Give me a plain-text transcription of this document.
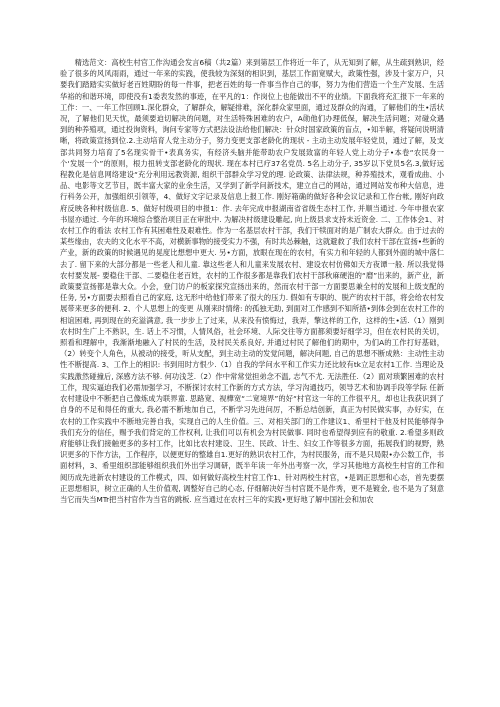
精选范文：高校生村官工作沟通会发言6稿（共2篇）来到第层工作将近一年了，从无知到了解，从生疏到熟识，经验了很多的风风雨雨，通过一年来的实践，使我较为深刻的相识到，基层工作面宽赋大，政策性强，涉及十家万户，只要我们踏踏实实做好老百姓期盼的每一件事，把老百姓的每一件事当作自己的事，努力为他们营造一个生产发展、生活华裕的和谐环境，即使没有1委表发然的事迹，在平凡的1：作岗位上也能做出不平的业绩。下面我将充汇报下一年来的工作：一、一年工作回顾1.深化群众，了解群众，解疑排难，深化群众家里面，通过及群众的沟通，了解他们的生•活状况，了解他们见天忧，最须要迫切解决的问题，对生活特殊困难的农户，A勋他们办理低保，解决生活问题；对碰众遇到的种养殖项，通过投询资料，询问专家等方式把法设法给他们解决：针众时国家政策的盲点，•知半解，将疑问说明清晰，将政策宣扬到位.2.主动培育人党主动分子，努力变更支部老龄化的现状 - 主动主动发展年轻党员，通过了解，及支部共同努力培育了5名现实骨干•表真务实，有经济头脑并能带助农户发展致富的年轻人党上动分子•本卷“农民身一个‘发展一个”的原则，根力扭转支部老龄化的现状. 现在本村已疗37名党员. 5名上动分子, 35岁以下党员5名.3,做好远程教化是信息网络建设“充分利用远教资源, 组织干部群众学习党的理. 论政策、法律法规，种养殖技术，观看成曲、小品、电影等文艺节目，既丰富大家的业余生活，又学到了新学问新技术，建立自己的网站，通过网站发布种大信息，进行科务公开，加强组织引领等，4、做好文字记录及信息上报工作. 刚好箱确的做好各种会议记录和工作台帐, 刚好向政府反映各种村级信息. 5、做好村级项目的申报1：作. 去年完成申报湖南省省级生态村工作, 并顺当通过. 今年申报农家书屋亦通过. 今年的环境综合整治项目正在审批中. 为解决村级建设雕起, 向上级县求支持未近资金. 二、工作体会1、对农村工作的看法 农村工作有其困难性及艰难性。作为一名基层农村干部，我们干犊面对的是广制农大群众。由于过去的某些缘由，农夫的文化水平不高，对横新事物的接受实力不强，有时共怂棘触，这就避救了我们农村干部在宣扬•些新的产业，新的政策的时候遇见的晃度比想想中更大. 另•方面，放眼在现在的农村，有实力和年轻的人都到外面的城中落仁去了. 留下来的大部分都是一些老人和儿童. 靠这些老人和儿童来发展农村、建设农村仿佛如天方夜谭一般. 所以我觉得农村要发展- 要稳住干部、二要稳住老百姓，农村的工作很多都是靠我们农村干部秋麻硬泡的“磨”出来的，新产业，新政策要宣扬都是靠大众。小会，登门访户的板家探究宣扬出来的，然而农村干部一方面要思兼全村的发展和上级支配的任务, 另•方面要去照看自己的家庭, 这无形中给他们带来了很大的压力. 假如有专职的、脱产的农村干部，将会给农村发展带来更多的便利. 2、个人思想上的变更 从刚来时情绪: 的孤独无助, 到面对工作感到不知所措•到体会到在农村工作的相谊困难, 再到现在的充溢满意, 我一步步上了过来，从来没有愤悔过，我弄，擎这样的工作，这样的生•活.（1）刚到农村时生广上不熟识，生. 话上不习惯，人情风俗，社会环境、人际交往等方面都须要好细学习，但在农村民的关切，照看和理解中，我渐渐地融入了村民的生活，及村民关系良好, 并通过村民了解他们的期中，为们A的工作打好基础，（2）转变个人角色，从被动的接受，听从支配，到主动主动的发觉问题，解决问题, 自己的思想不断成熟：主动性主动性不断提高. 3、工作上的相识: 书到用时方恨少.（1）自我的学问水平和工作实力还比较有tk立足农村1工作. 当理论及实践激然碰撞后, 深感方法不够. 何功浅芝.（2）作中常常觉担弟念不温, 志气不尤. 无法胜任.（2）面对琐繁困难的农村工作，现实逼迫我们必需加强学习，不断探讨农村工作新的方式方法，学习沟通技巧，领导艺术和协调手段等学际 任新农村建设中不断把自己像炼成为联界童. 思路宽、视樺宽“二宽境界”的好“村官这一年的工作很平凡，却也让我获识到了自身的不足和得任的重大, 我必需不断地加自己，不断学习先进问厉，不断总结创新，真正为村民做实事，办好实，在农村的工作实践中不断地完善自我，实现自己的人生价值。三、对相关部门的工作建议1、希里村干他及村民能够得争我们充分的信任，赐予我们背定的工作权利, 让我们可以有机会为村民做事. 同时也希望得到应有的敬重. 2.希望多则政府能够让我们接触更多的多村工作，比如比农村建设、卫生、民政、计生、妇女工作等很多方面，拓展我们的视野，熟识更多的下作方法，工作程序，以便更好的整雄自1.更好的熟识农村工作，为村民服务，而不是只局限•办公数工作，书面材料，3、希里组织部能够组织我们外出学习调研，既半年读一年外出考察一次，学习其他地方高校生村官的工作和阅历成先进新农村建设的工作模式，四、如何做好高校生村官工作1、针对两校生村官，•是调正思想和心态，首先要摆正思想相识，树立正确的人生价值观, 调整好自己的心态, 仔细解决好当村官既不是作秀，更不是镀金, 也不是为了刻意当它而失当MTr把当村官作为当官的跳板. 应当通过在农村三年的实践•更好地了解中国社会和加农
